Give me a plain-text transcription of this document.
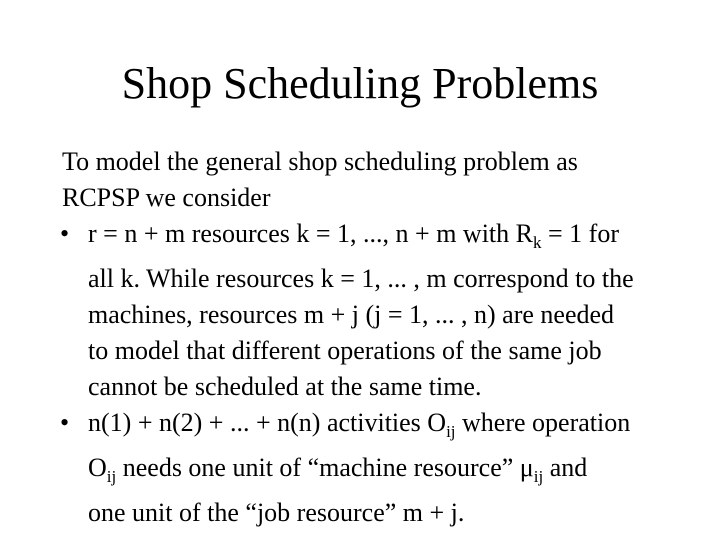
Shop Scheduling Problems
To model the general shop scheduling problem as
RCPSP we consider
• r = n + m resources k = 1, ..., n + m with $R_k = 1$ for
all k. While resources k = 1, ... , m correspond to the
machines, resources m + j (j = 1, ... , n) are needed
to model that different operations of the same job
cannot be scheduled at the same time.
• n(1) + n(2) + ... + n(n) activities $O_{ij}$ where operation
$O_{ij}$ needs one unit of “machine resource” $\mu_{ij}$ and
one unit of the “job resource” m + j.
